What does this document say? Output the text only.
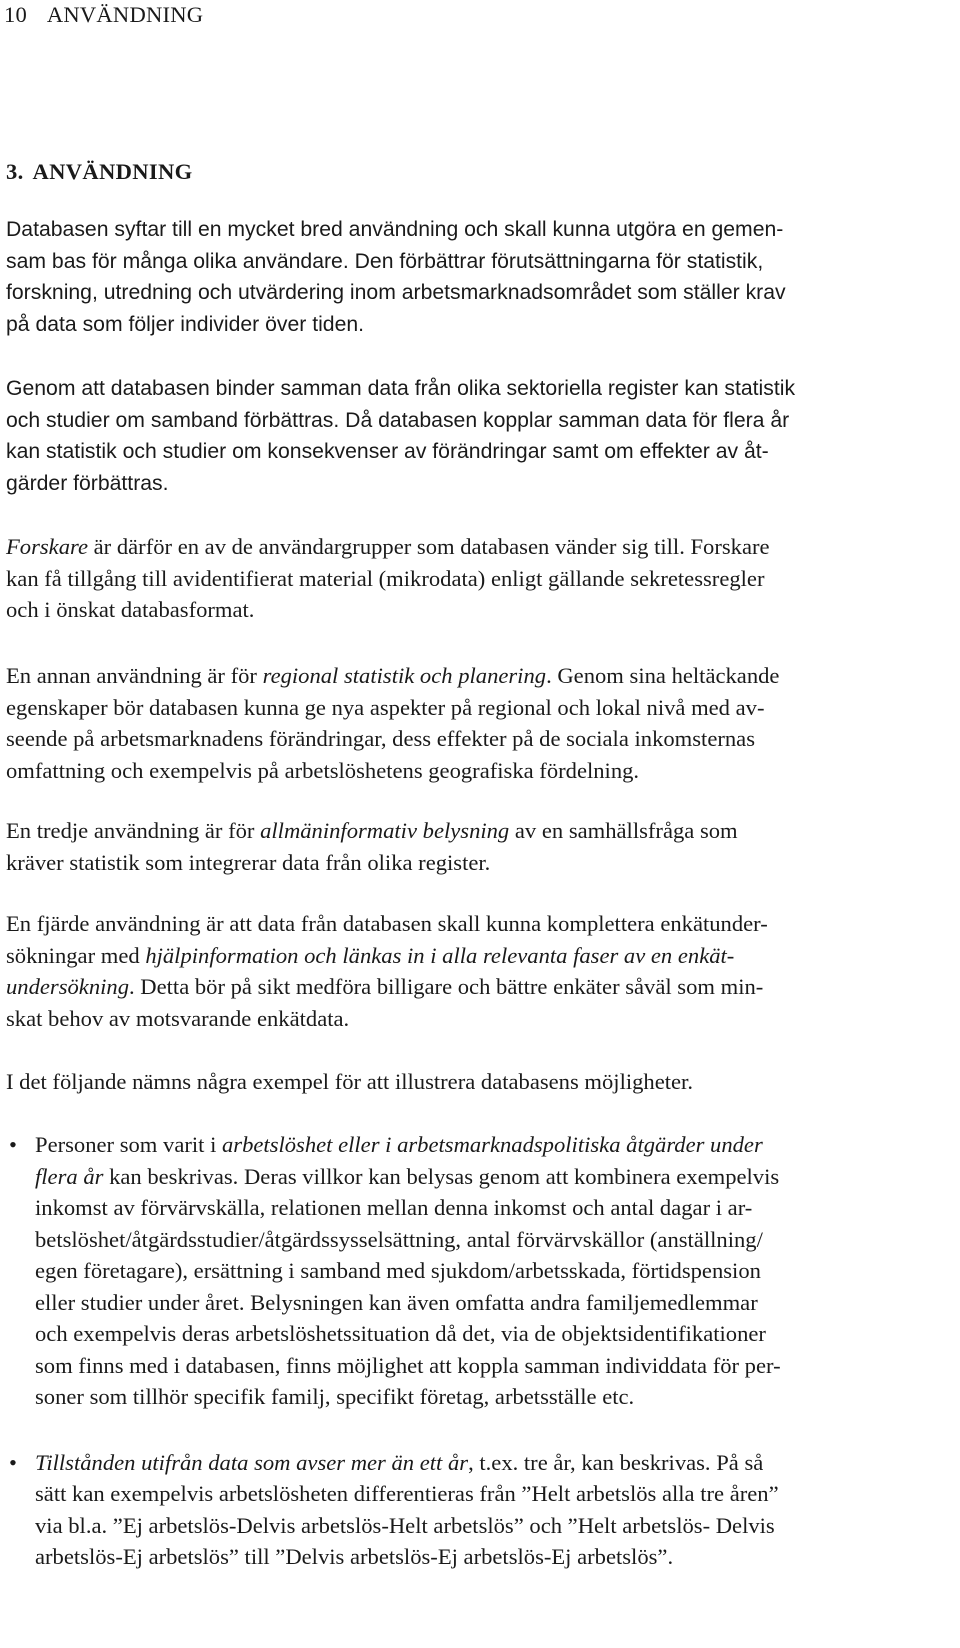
10 ANVÄNDNING
3. ANVÄNDNING

Databasen syftar till en mycket bred användning och skall kunna utgöra en gemen-
sam bas för många olika användare. Den förbättrar förutsättningarna för statistik,
forskning, utredning och utvärdering inom arbetsmarknadsområdet som ställer krav
på data som följer individer över tiden.

Genom att databasen binder samman data från olika sektoriella register kan statistik
och studier om samband förbättras. Då databasen kopplar samman data för flera år
kan statistik och studier om konsekvenser av förändringar samt om effekter av åt-
gärder förbättras.

Forskare är därför en av de användargrupper som databasen vänder sig till. Forskare
kan få tillgång till avidentifierat material (mikrodata) enligt gällande sekretessregler
och i önskat databasformat.

En annan användning är för regional statistik och planering. Genom sina heltäckande
egenskaper bör databasen kunna ge nya aspekter på regional och lokal nivå med av-
seende på arbetsmarknadens förändringar, dess effekter på de sociala inkomsternas
omfattning och exempelvis på arbetslöshetens geografiska fördelning.

En tredje användning är för allmäninformativ belysning av en samhällsfråga som
kräver statistik som integrerar data från olika register.

En fjärde användning är att data från databasen skall kunna komplettera enkätunder-
sökningar med hjälpinformation och länkas in i alla relevanta faser av en enkät-
undersökning. Detta bör på sikt medföra billigare och bättre enkäter såväl som min-
skat behov av motsvarande enkätdata.

I det följande nämns några exempel för att illustrera databasens möjligheter.

• Personer som varit i arbetslöshet eller i arbetsmarknadspolitiska åtgärder under
flera år kan beskrivas. Deras villkor kan belysas genom att kombinera exempelvis
inkomst av förvärvskälla, relationen mellan denna inkomst och antal dagar i ar-
betslöshet/åtgärdsstudier/åtgärdssysselsättning, antal förvärvskällor (anställning/
egen företagare), ersättning i samband med sjukdom/arbetsskada, förtidspension
eller studier under året. Belysningen kan även omfatta andra familjemedlemmar
och exempelvis deras arbetslöshetssituation då det, via de objektsidentifikationer
som finns med i databasen, finns möjlighet att koppla samman individdata för per-
soner som tillhör specifik familj, specifikt företag, arbetsställe etc.
• Tillstånden utifrån data som avser mer än ett år, t.ex. tre år, kan beskrivas. På så
sätt kan exempelvis arbetslösheten differentieras från ”Helt arbetslös alla tre åren”
via bl.a. ”Ej arbetslös-Delvis arbetslös-Helt arbetslös” och ”Helt arbetslös- Delvis
arbetslös-Ej arbetslös” till ”Delvis arbetslös-Ej arbetslös-Ej arbetslös”.
